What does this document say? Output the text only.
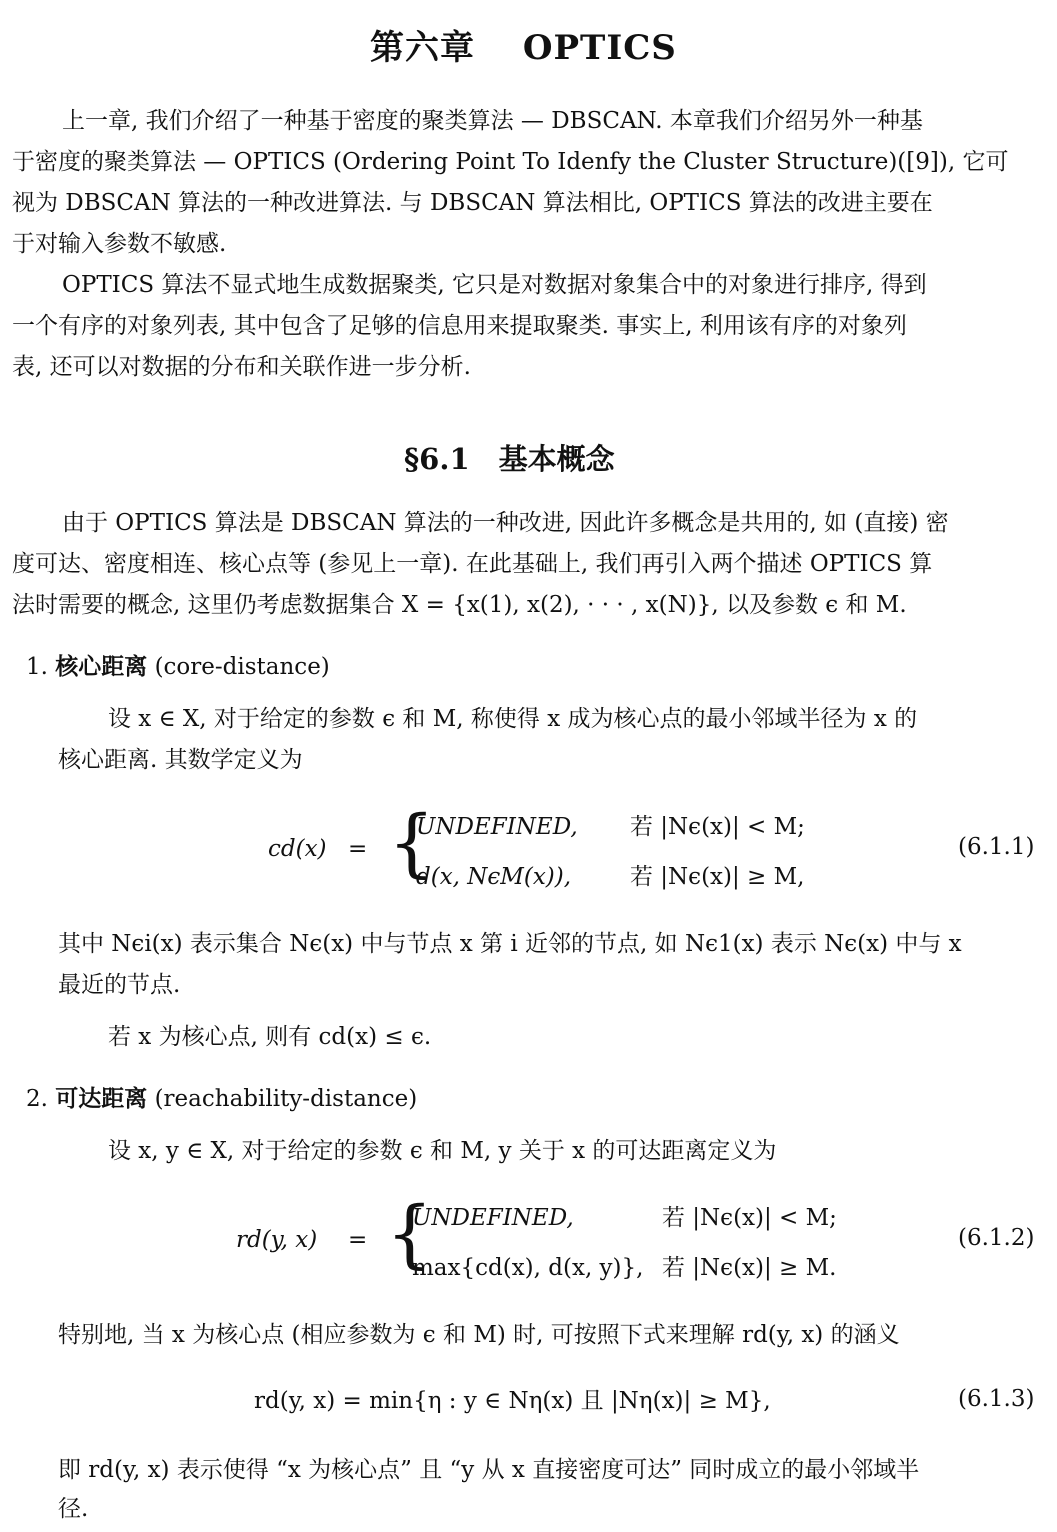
第六章　 OPTICS
上一章, 我们介绍了一种基于密度的聚类算法 — DBSCAN. 本章我们介绍另外一种基
于密度的聚类算法 — OPTICS (Ordering Point To Idenfy the Cluster Structure)([9]), 它可
视为 DBSCAN 算法的一种改进算法. 与 DBSCAN 算法相比, OPTICS 算法的改进主要在
于对输入参数不敏感.
OPTICS 算法不显式地生成数据聚类, 它只是对数据对象集合中的对象进行排序, 得到
一个有序的对象列表, 其中包含了足够的信息用来提取聚类. 事实上, 利用该有序的对象列
表, 还可以对数据的分布和关联作进一步分析.
§6.1　基本概念
由于 OPTICS 算法是 DBSCAN 算法的一种改进, 因此许多概念是共用的, 如 (直接) 密
度可达、密度相连、核心点等 (参见上一章). 在此基础上, 我们再引入两个描述 OPTICS 算
法时需要的概念, 这里仍考虑数据集合 X = {x(1), x(2), · · · , x(N)}, 以及参数 ϵ 和 M.
1. 核心距离 (core-distance)
设 x ∈ X, 对于给定的参数 ϵ 和 M, 称使得 x 成为核心点的最小邻域半径为 x 的
核心距离. 其数学定义为
cd(x) = {
UNDEFINED, 若 |Nϵ(x)| < M;
d(x, NϵM(x)),	若 |Nϵ(x)| ≥ M,
(6.1.1)
其中 Nϵi(x) 表示集合 Nϵ(x) 中与节点 x 第 i 近邻的节点, 如 Nϵ1(x) 表示 Nϵ(x) 中与 x
最近的节点.
若 x 为核心点, 则有 cd(x) ≤ ϵ.
2. 可达距离 (reachability-distance)
设 x, y ∈ X, 对于给定的参数 ϵ 和 M, y 关于 x 的可达距离定义为
rd(y, x) = {
UNDEFINED,	若 |Nϵ(x)| < M;
max{cd(x), d(x, y)}, 若 |Nϵ(x)| ≥ M.
(6.1.2)
特别地, 当 x 为核心点 (相应参数为 ϵ 和 M) 时, 可按照下式来理解 rd(y, x) 的涵义
rd(y, x) = min{η : y ∈ Nη(x) 且 |Nη(x)| ≥ M},	(6.1.3)
即 rd(y, x) 表示使得 “x 为核心点” 且 “y 从 x 直接密度可达” 同时成立的最小邻域半
径.
